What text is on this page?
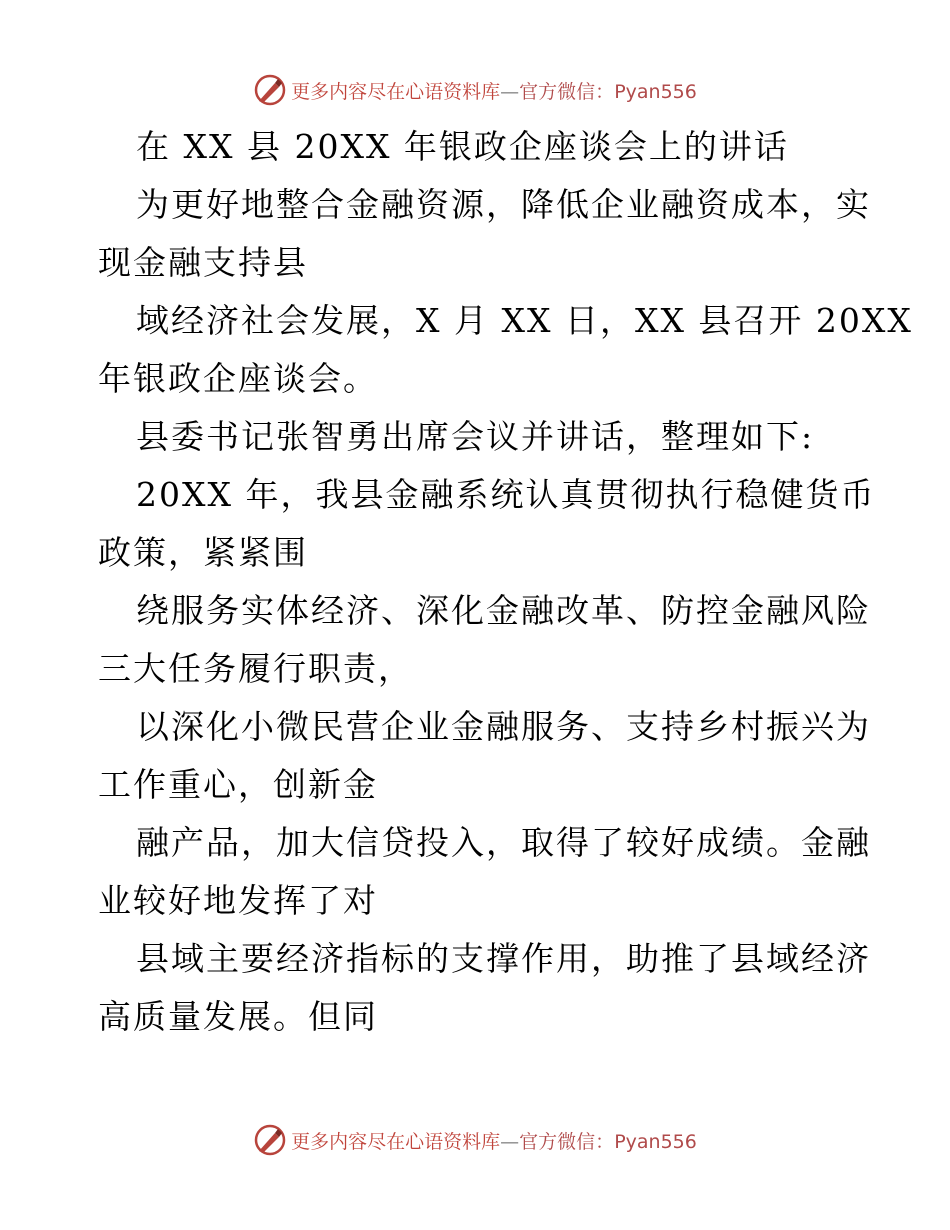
更多内容尽在心语资料库—官方微信：Pyan556
在 XX 县 20XX 年银政企座谈会上的讲话
为更好地整合金融资源，降低企业融资成本，实
现金融支持县
域经济社会发展，X 月 XX 日，XX 县召开 20XX
年银政企座谈会。
县委书记张智勇出席会议并讲话，整理如下:
20XX 年，我县金融系统认真贯彻执行稳健货币
政策，紧紧围
绕服务实体经济、深化金融改革、防控金融风险
三大任务履行职责，
以深化小微民营企业金融服务、支持乡村振兴为
工作重心，创新金
融产品，加大信贷投入，取得了较好成绩。金融
业较好地发挥了对
县域主要经济指标的支撑作用，助推了县域经济
高质量发展。但同
更多内容尽在心语资料库—官方微信：Pyan556
